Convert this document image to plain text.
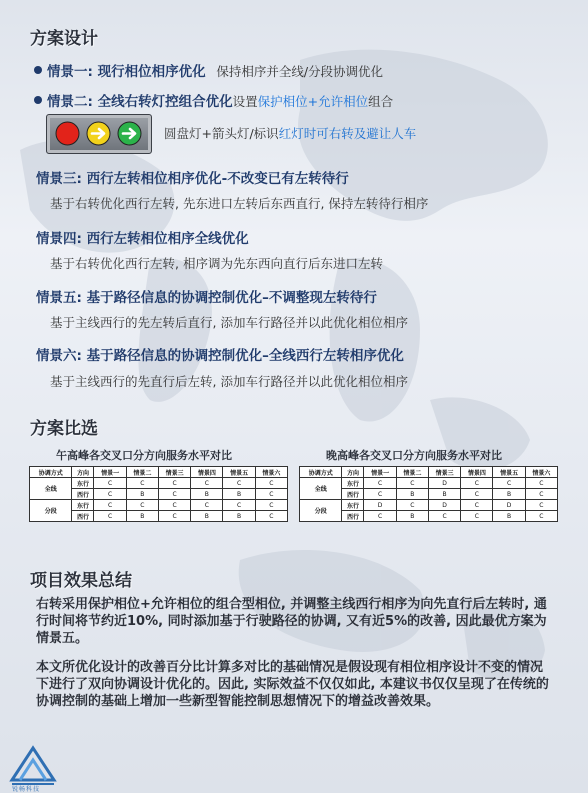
方案设计
情景一: 现行相位相序优化 保持相序并全线/分段协调优化
情景二: 全线右转灯控组合优化设置保护相位+允许相位组合
圆盘灯+箭头灯/标识红灯时可右转及避让人车
情景三: 西行左转相位相序优化-不改变已有左转待行
基于右转优化西行左转, 先东进口左转后东西直行, 保持左转待行相序
情景四: 西行左转相位相序全线优化
基于右转优化西行左转, 相序调为先东西向直行后东进口左转
情景五: 基于路径信息的协调控制优化–不调整现左转待行
基于主线西行的先左转后直行, 添加车行路径并以此优化相位相序
情景六: 基于路径信息的协调控制优化–全线西行左转相序优化
基于主线西行的先直行后左转, 添加车行路径并以此优化相位相序
方案比选
午高峰各交叉口分方向服务水平对比	晚高峰各交叉口分方向服务水平对比
协调方式	方向	情景一	情景二	情景三	情景四	情景五	情景六
全线	东行	C	C	C	C	C	C
	西行	C	B	C	B	B	C
分段	东行	C	C	C	C	C	C
	西行	C	B	C	B	B	C
协调方式	方向	情景一	情景二	情景三	情景四	情景五	情景六
全线	东行	C	C	D	C	C	C
	西行	C	B	B	C	B	C
分段	东行	D	C	D	C	D	C
	西行	C	B	C	C	B	C
项目效果总结
右转采用保护相位+允许相位的组合型相位, 并调整主线西行相序为向先直行后左转时, 通行时间将节约近10%, 同时添加基于行驶路径的协调, 又有近5%的改善, 因此最优方案为情景五。
本文所优化设计的改善百分比计算多对比的基础情况是假设现有相位相序设计不变的情况下进行了双向协调设计优化的。因此, 实际效益不仅仅如此, 本建议书仅仅呈现了在传统的协调控制的基础上增加一些新型智能控制思想情况下的增益改善效果。
锐畅科技
